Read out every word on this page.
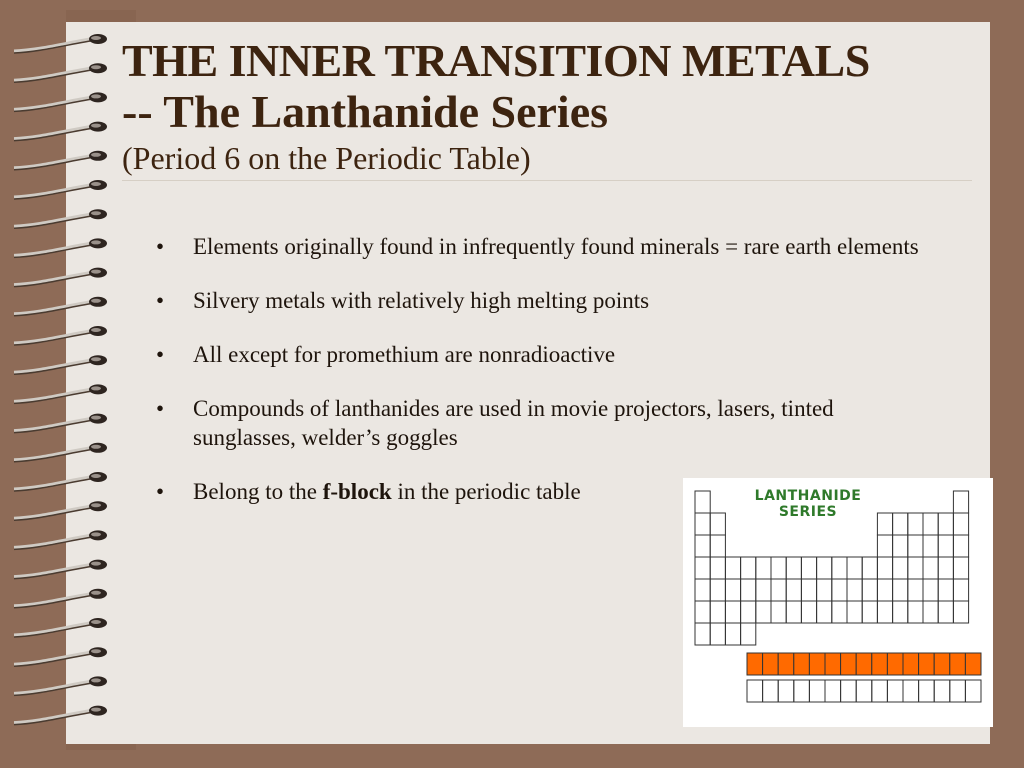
THE INNER TRANSITION METALS
-- The Lanthanide Series
(Period 6 on the Periodic Table)
• Elements originally found in infrequently found minerals = rare earth elements
• Silvery metals with relatively high melting points
• All except for promethium are nonradioactive
• Compounds of lanthanides are used in movie projectors, lasers, tinted sunglasses, welder’s goggles
• Belong to the f-block in the periodic table	LANTHANIDE
SERIES
